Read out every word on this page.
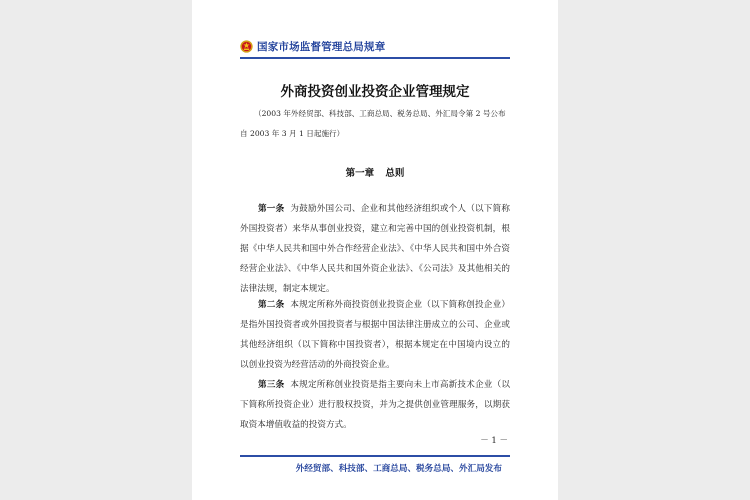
国家市场监督管理总局规章
外商投资创业投资企业管理规定
（2003 年外经贸部、科技部、工商总局、税务总局、外汇局令第 2 号公布 自 2003 年 3 月 1 日起施行）
第一章 总则
第一条 为鼓励外国公司、企业和其他经济组织或个人（以下简称外国投资者）来华从事创业投资，建立和完善中国的创业投资机制，根据《中华人民共和国中外合作经营企业法》、《中华人民共和国中外合资经营企业法》、《中华人民共和国外资企业法》、《公司法》及其他相关的法律法规，制定本规定。
第二条 本规定所称外商投资创业投资企业（以下简称创投企业）是指外国投资者或外国投资者与根据中国法律注册成立的公司、企业或其他经济组织（以下简称中国投资者），根据本规定在中国境内设立的以创业投资为经营活动的外商投资企业。
第三条 本规定所称创业投资是指主要向未上市高新技术企业（以下简称所投资企业）进行股权投资，并为之提供创业管理服务，以期获取资本增值收益的投资方式。
－ 1 －
外经贸部、科技部、工商总局、税务总局、外汇局发布
